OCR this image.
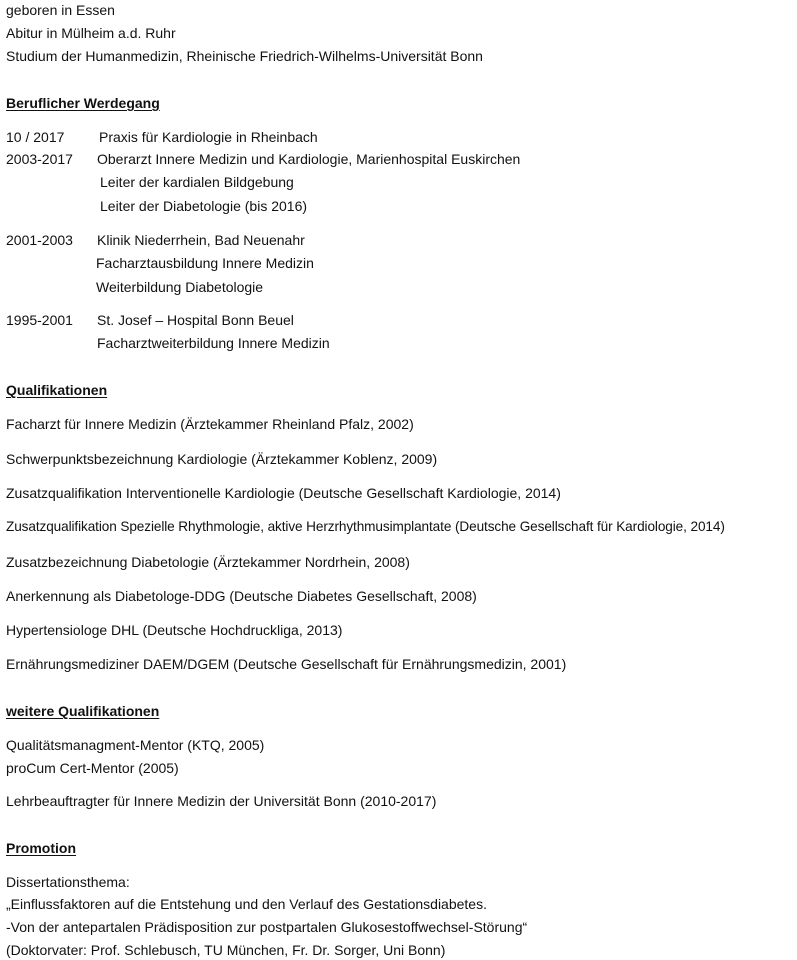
geboren in Essen
Abitur in Mülheim a.d. Ruhr
Studium der Humanmedizin, Rheinische Friedrich-Wilhelms-Universität Bonn
Beruflicher Werdegang
10 / 2017 Praxis für Kardiologie in Rheinbach
2003-2017 Oberarzt Innere Medizin und Kardiologie, Marienhospital Euskirchen
Leiter der kardialen Bildgebung
Leiter der Diabetologie (bis 2016)
2001-2003 Klinik Niederrhein, Bad Neuenahr
Facharztausbildung Innere Medizin
Weiterbildung Diabetologie
1995-2001 St. Josef – Hospital Bonn Beuel
Facharztweiterbildung Innere Medizin
Qualifikationen
Facharzt für Innere Medizin (Ärztekammer Rheinland Pfalz, 2002)
Schwerpunktsbezeichnung Kardiologie (Ärztekammer Koblenz, 2009)
Zusatzqualifikation Interventionelle Kardiologie (Deutsche Gesellschaft Kardiologie, 2014)
Zusatzqualifikation Spezielle Rhythmologie, aktive Herzrhythmusimplantate (Deutsche Gesellschaft für Kardiologie, 2014)
Zusatzbezeichnung Diabetologie (Ärztekammer Nordrhein, 2008)
Anerkennung als Diabetologe-DDG (Deutsche Diabetes Gesellschaft, 2008)
Hypertensiologe DHL (Deutsche Hochdruckliga, 2013)
Ernährungsmediziner DAEM/DGEM (Deutsche Gesellschaft für Ernährungsmedizin, 2001)
weitere Qualifikationen
Qualitätsmanagment-Mentor (KTQ, 2005)
proCum Cert-Mentor (2005)
Lehrbeauftragter für Innere Medizin der Universität Bonn (2010-2017)
Promotion
Dissertationsthema:
„Einflussfaktoren auf die Entstehung und den Verlauf des Gestationsdiabetes.
-Von der antepartalen Prädisposition zur postpartalen Glukosestoffwechsel-Störung“
(Doktorvater: Prof. Schlebusch, TU München, Fr. Dr. Sorger, Uni Bonn)
